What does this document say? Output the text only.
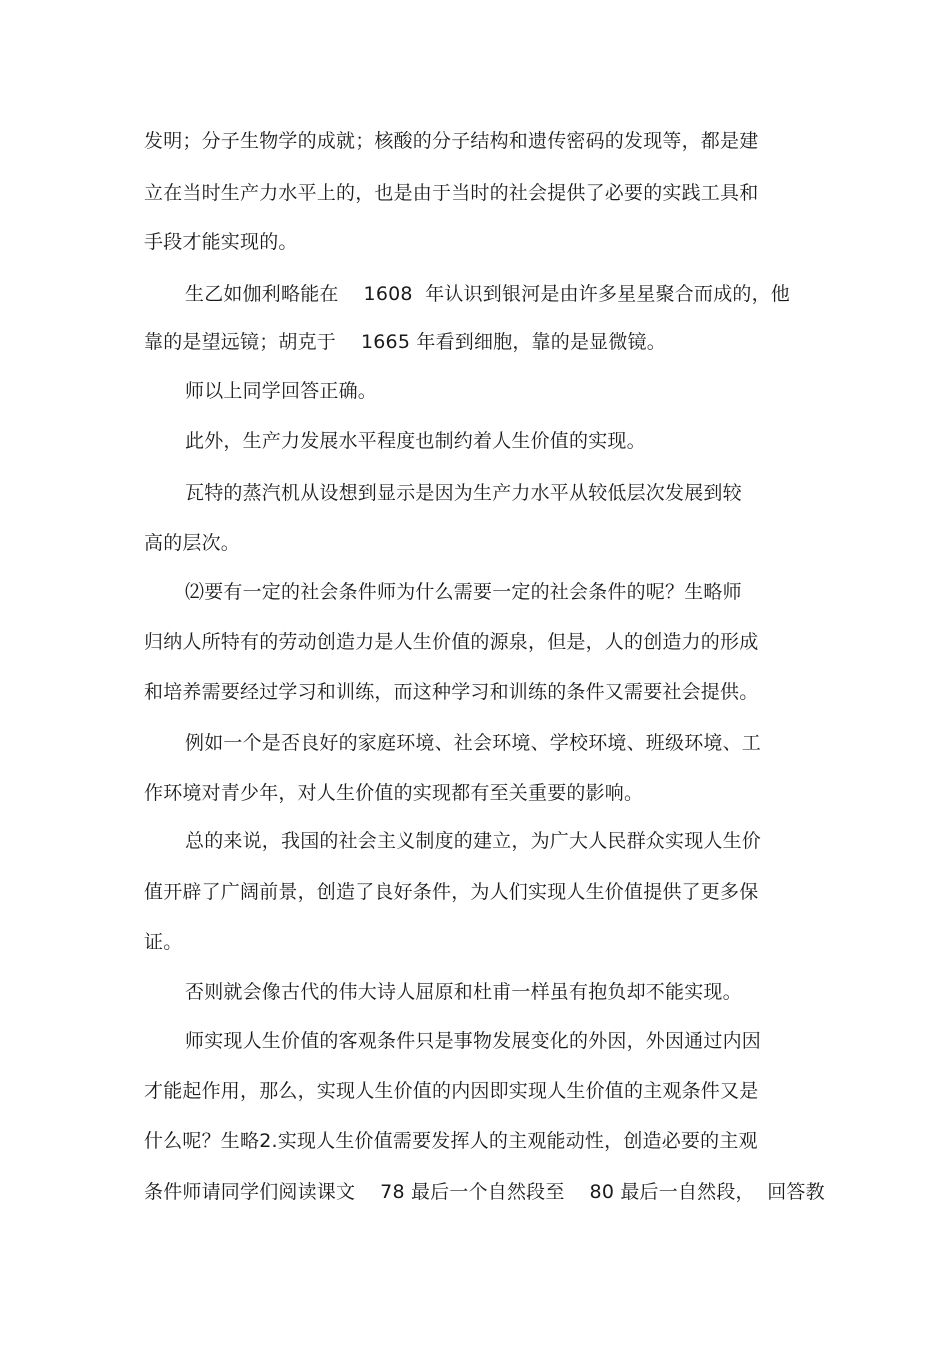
发明；分子生物学的成就；核酸的分子结构和遗传密码的发现等，都是建
立在当时生产力水平上的，也是由于当时的社会提供了必要的实践工具和
手段才能实现的。
生乙如伽利略能在    1608  年认识到银河是由许多星星聚合而成的，他
靠的是望远镜；胡克于    1665 年看到细胞，靠的是显微镜。
师以上同学回答正确。
此外，生产力发展水平程度也制约着人生价值的实现。
瓦特的蒸汽机从设想到显示是因为生产力水平从较低层次发展到较
高的层次。
⑵要有一定的社会条件师为什么需要一定的社会条件的呢？生略师
归纳人所特有的劳动创造力是人生价值的源泉，但是，人的创造力的形成
和培养需要经过学习和训练，而这种学习和训练的条件又需要社会提供。
例如一个是否良好的家庭环境、社会环境、学校环境、班级环境、工
作环境对青少年，对人生价值的实现都有至关重要的影响。
总的来说，我国的社会主义制度的建立，为广大人民群众实现人生价
值开辟了广阔前景，创造了良好条件，为人们实现人生价值提供了更多保
证。
否则就会像古代的伟大诗人屈原和杜甫一样虽有抱负却不能实现。
师实现人生价值的客观条件只是事物发展变化的外因，外因通过内因
才能起作用，那么，实现人生价值的内因即实现人生价值的主观条件又是
什么呢？生略2.实现人生价值需要发挥人的主观能动性，创造必要的主观
条件师请同学们阅读课文    78 最后一个自然段至    80 最后一自然段，  回答教
